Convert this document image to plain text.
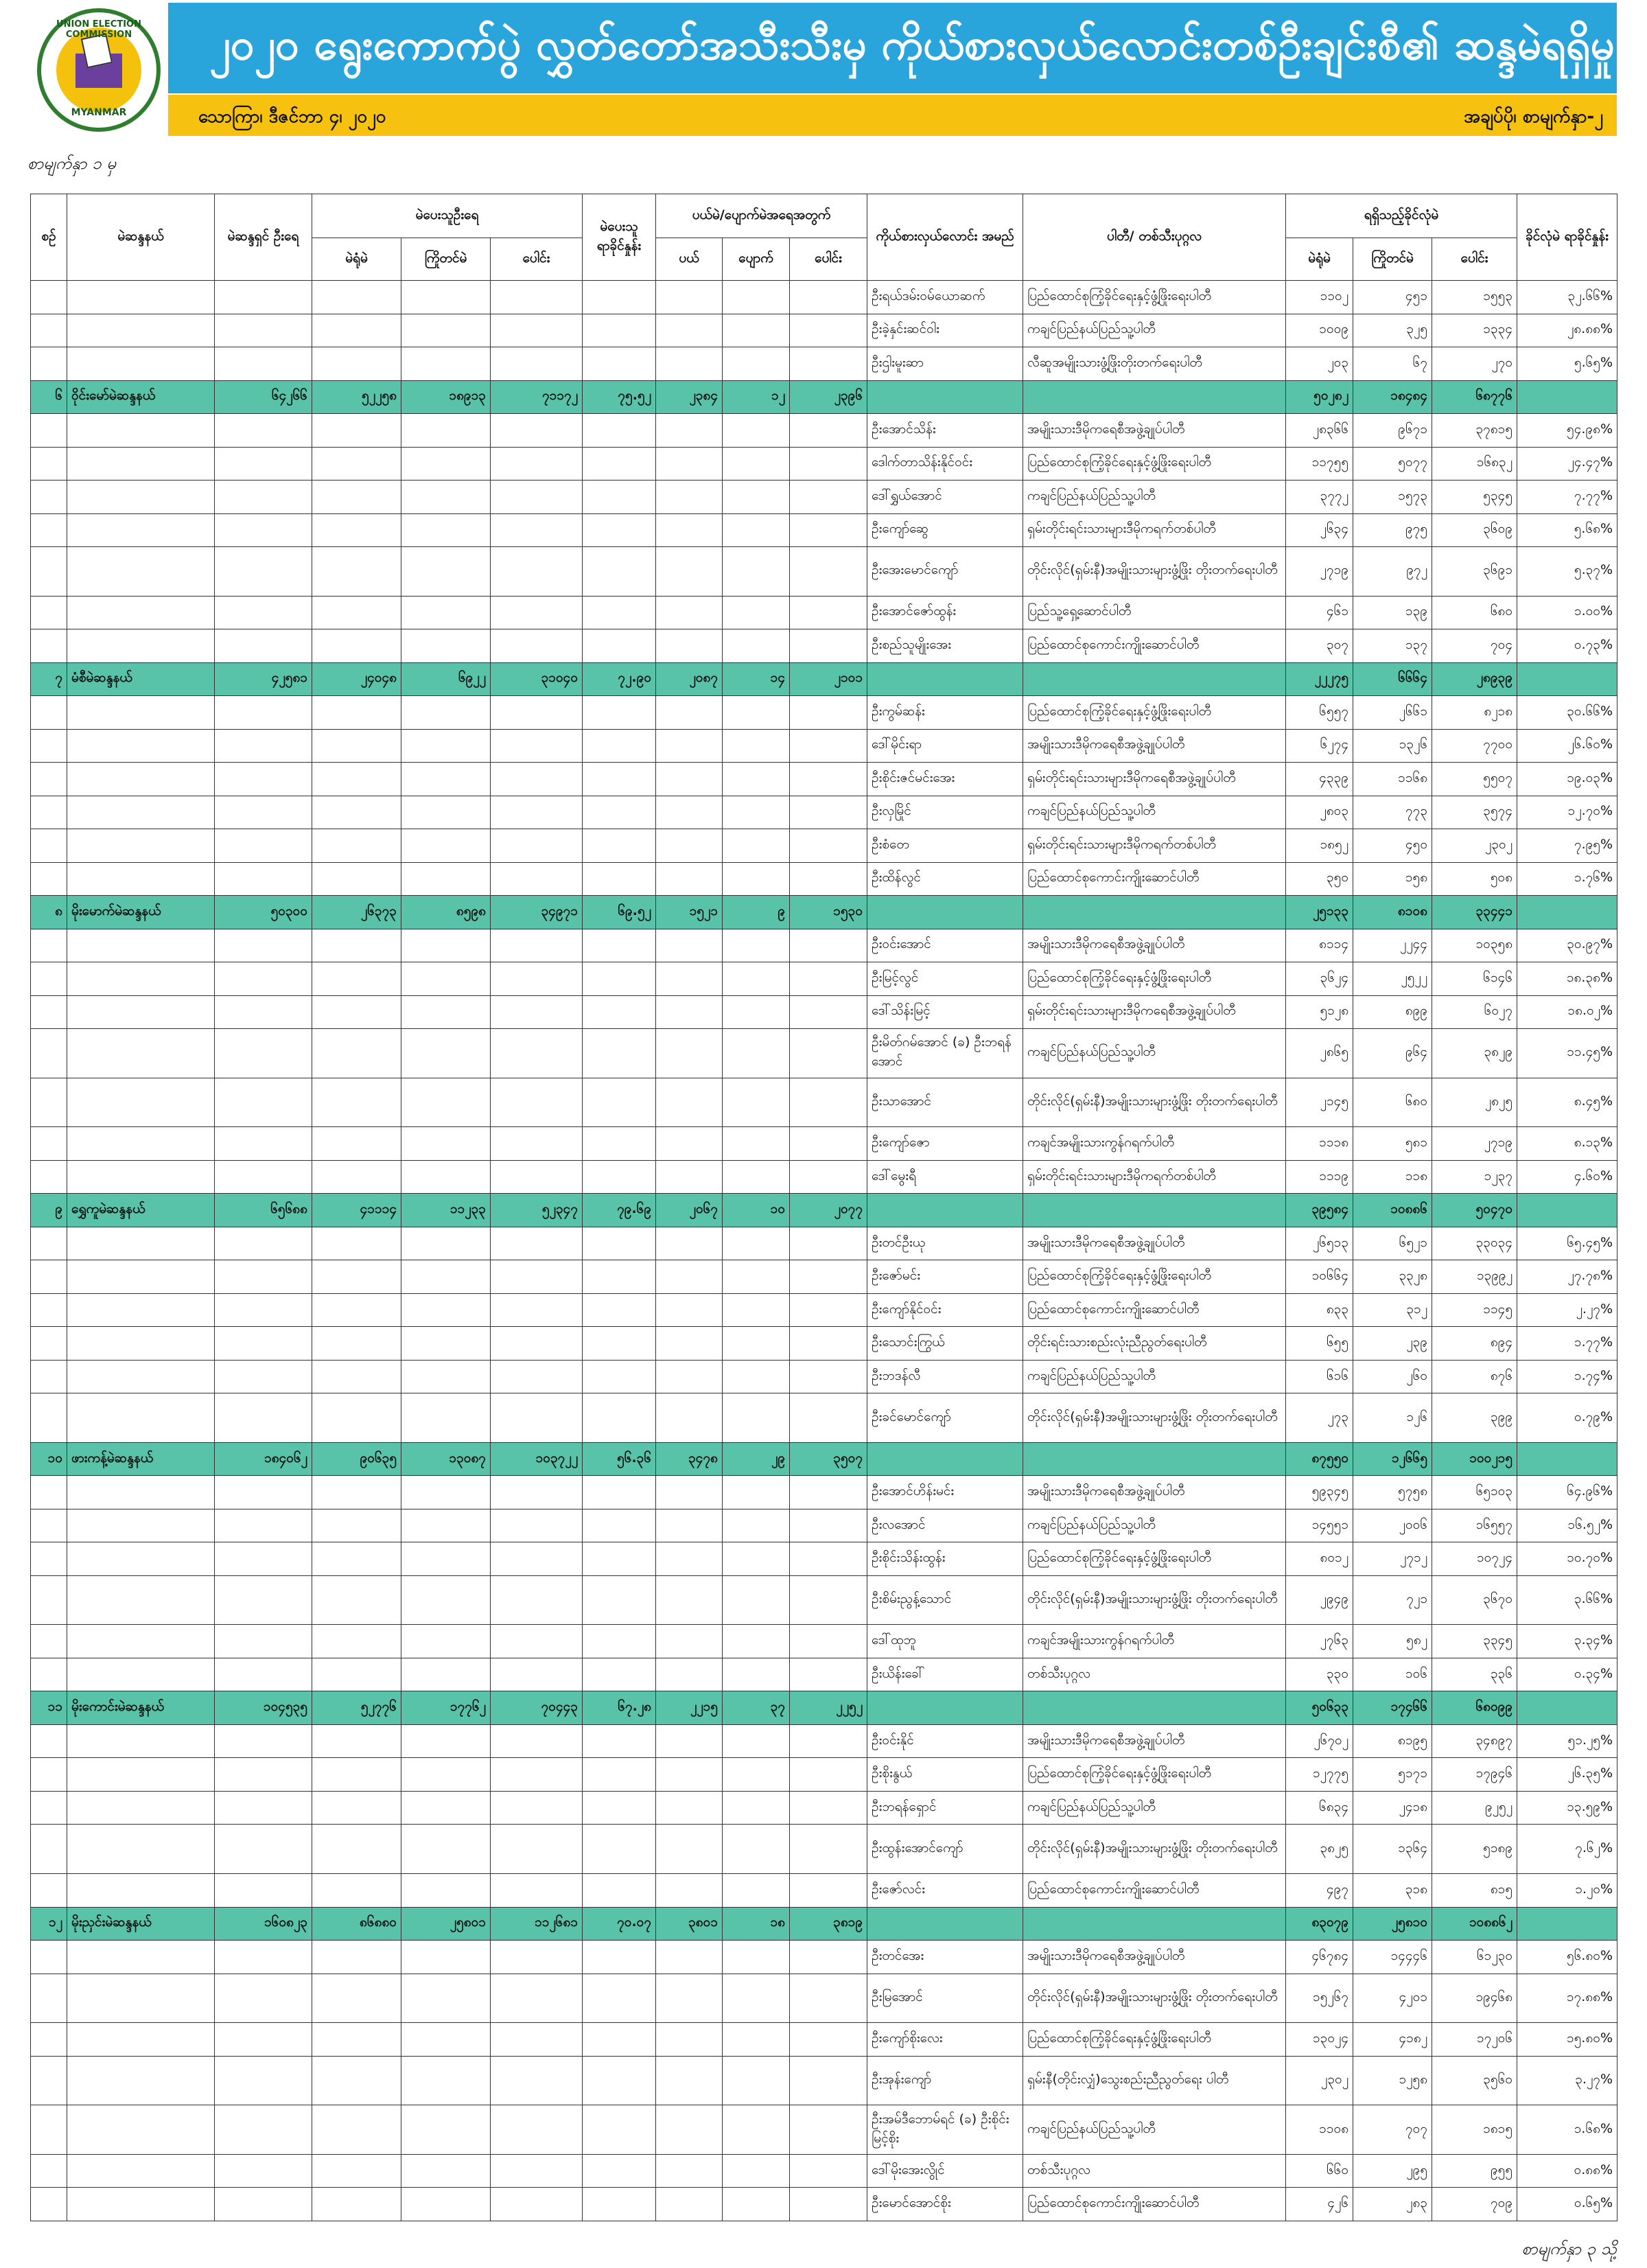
UNION ELECTION COMMISSION
MYANMAR
၂၀၂၀ ရွေးကောက်ပွဲ လွှတ်တော်အသီးသီးမှ ကိုယ်စားလှယ်လောင်းတစ်ဦးချင်းစီ၏ ဆန္ဒမဲရရှိမှု
သောကြာ၊ ဒီဇင်ဘာ ၄၊ ၂၀၂၀	အချပ်ပို၊ စာမျက်နှာ-၂
စာမျက်နှာ ၁ မှ
စဉ်	မဲဆန္ဒနယ်	မဲဆန္ဒရှင် ဦးရေ	မဲပေးသူဦးရေ			မဲပေးသူ ရာခိုင်နှုန်း	ပယ်မဲ/ပျောက်မဲအရေအတွက်			ကိုယ်စားလှယ်လောင်း အမည်	ပါတီ/ တစ်သီးပုဂ္ဂလ	ရရှိသည့်ခိုင်လုံမဲ			ခိုင်လုံမဲ ရာခိုင်နှုန်း
			မဲရုံမဲ	ကြိုတင်မဲ	ပေါင်း		ပယ်	ပျောက်	ပေါင်း			မဲရုံမဲ	ကြိုတင်မဲ	ပေါင်း	
										ဦးရယ်ဒမ်းဝမ်ယောဆက်	ပြည်ထောင်စုကြံ့ခိုင်ရေးနှင့်ဖွံ့ဖြိုးရေးပါတီ	၁၁၀၂	၄၅၁	၁၅၅၃	၃၂.၆၆%
										ဦးခဲ့နှင်းဆင်ဝါး	ကချင်ပြည်နယ်ပြည်သူ့ပါတီ	၁၀၀၉	၃၂၅	၁၃၃၄	၂၈.၈၈%
										ဦးဌါးမူးဆာ	လီဆူအမျိုးသားဖွံ့ဖြိုးတိုးတက်ရေးပါတီ	၂၀၃	၆၇	၂၇၀	၅.၆၅%
၆	ဝိုင်းမော်မဲဆန္ဒနယ်	၆၄၂၆၆	၅၂၂၅၈	၁၈၉၁၃	၇၁၁၇၂	၇၅.၅၂	၂၃၈၄	၁၂	၂၃၉၆			၅၀၂၈၂	၁၈၄၈၄	၆၈၇၇၆	
										ဦးအောင်သိန်း	အမျိုးသားဒီမိုကရေစီအဖွဲ့ချုပ်ပါတီ	၂၈၃၆၆	၉၆၇၁	၃၇၈၁၅	၅၄.၉၈%
										ဒေါက်တာသိန်းနိုင်ဝင်း	ပြည်ထောင်စုကြံ့ခိုင်ရေးနှင့်ဖွံ့ဖြိုးရေးပါတီ	၁၁၇၅၅	၅၀၇၇	၁၆၈၃၂	၂၄.၄၇%
										ဒေါ်ရွှယ်အောင်	ကချင်ပြည်နယ်ပြည်သူ့ပါတီ	၃၇၇၂	၁၅၇၃	၅၃၄၅	၇.၇၇%
										ဦးကျော်ဆွေ	ရှမ်းတိုင်းရင်းသားများဒီမိုကရက်တစ်ပါတီ	၂၆၃၄	၉၇၅	၃၆၀၉	၅.၆၈%
										ဦးအေးမောင်ကျော်	တိုင်းလိုင်(ရှမ်းနီ)အမျိုးသားများဖွံ့ဖြိုး တိုးတက်ရေးပါတီ	၂၇၁၉	၉၇၂	၃၆၉၁	၅.၃၇%
										ဦးအောင်ဇော်ထွန်း	ပြည်သူ့ရှေ့ဆောင်ပါတီ	၄၆၁	၁၃၉	၆၈၀	၁.၀၀%
										ဦးစည်သူမျိုးအေး	ပြည်ထောင်စုကောင်းကျိုးဆောင်ပါတီ	၃၀၇	၁၃၇	၇၀၄	၀.၇၃%
၇	မံစီမဲဆန္ဒနယ်	၄၂၅၈၁	၂၄၀၄၈	၆၉၂၂	၃၁၀၄၀	၇၂.၉၀	၂၀၈၇	၁၄	၂၁၀၁			၂၂၂၇၅	၆၆၆၄	၂၈၉၃၉	
										ဦးကွမ်ဆန်း	ပြည်ထောင်စုကြံ့ခိုင်ရေးနှင့်ဖွံ့ဖြိုးရေးပါတီ	၆၅၅၇	၂၆၆၁	၈၂၁၈	၃၀.၆၆%
										ဒေါ်မိုင်းရာ	အမျိုးသားဒီမိုကရေစီအဖွဲ့ချုပ်ပါတီ	၆၂၇၄	၁၃၂၆	၇၇၀၀	၂၆.၆၀%
										ဦးစိုင်းဇင်မင်းအေး	ရှမ်းတိုင်းရင်းသားများဒီမိုကရေစီအဖွဲ့ချုပ်ပါတီ	၄၃၃၉	၁၁၆၈	၅၅၀၇	၁၉.၀၃%
										ဦးလှမြိုင်	ကချင်ပြည်နယ်ပြည်သူ့ပါတီ	၂၈၀၃	၇၇၃	၃၅၇၄	၁၂.၇၀%
										ဦးစံတေ	ရှမ်းတိုင်းရင်းသားများဒီမိုကရက်တစ်ပါတီ	၁၈၅၂	၄၅၀	၂၃၀၂	၇.၉၅%
										ဦးထိန်လွင်	ပြည်ထောင်စုကောင်းကျိုးဆောင်ပါတီ	၃၅၀	၁၅၈	၅၀၈	၁.၇၆%
၈	မိုးမောက်မဲဆန္ဒနယ်	၅၀၃၀၀	၂၆၃၇၃	၈၅၉၈	၃၄၉၇၁	၆၉.၅၂	၁၅၂၁	၉	၁၅၃၀			၂၅၁၃၃	၈၁၀၈	၃၃၄၄၁	
										ဦးဝင်းအောင်	အမျိုးသားဒီမိုကရေစီအဖွဲ့ချုပ်ပါတီ	၈၁၁၄	၂၂၄၄	၁၀၃၅၈	၃၀.၉၇%
										ဦးမြင့်လွင်	ပြည်ထောင်စုကြံ့ခိုင်ရေးနှင့်ဖွံ့ဖြိုးရေးပါတီ	၃၆၂၄	၂၅၂၂	၆၁၄၆	၁၈.၃၈%
										ဒေါ်သိန်းမြင့်	ရှမ်းတိုင်းရင်းသားများဒီမိုကရေစီအဖွဲ့ချုပ်ပါတီ	၅၁၂၈	၈၉၉	၆၀၂၇	၁၈.၀၂%
										ဦးမိတ်ဂမ်အောင် (ခ) ဦးဘရန်အောင်	ကချင်ပြည်နယ်ပြည်သူ့ပါတီ	၂၈၆၅	၉၆၄	၃၈၂၉	၁၁.၄၅%
										ဦးသာအောင်	တိုင်းလိုင်(ရှမ်းနီ)အမျိုးသားများဖွံ့ဖြိုး တိုးတက်ရေးပါတီ	၂၁၄၅	၆၈၀	၂၈၂၅	၈.၄၅%
										ဦးကျော်ဇော	ကချင်အမျိုးသားကွန်ဂရက်ပါတီ	၁၁၁၈	၅၈၁	၂၇၁၉	၈.၁၃%
										ဒေါ်မွေးရီ	ရှမ်းတိုင်းရင်းသားများဒီမိုကရက်တစ်ပါတီ	၁၁၁၉	၁၁၈	၁၂၃၇	၄.၆၀%
၉	ရွှေကူမဲဆန္ဒနယ်	၆၅၆၈၈	၄၁၁၁၄	၁၁၂၃၃	၅၂၃၄၇	၇၉.၆၉	၂၀၆၇	၁၀	၂၀၇၇			၃၉၅၈၄	၁၀၈၈၆	၅၀၄၇၀	
										ဦးတင်ဦးယု	အမျိုးသားဒီမိုကရေစီအဖွဲ့ချုပ်ပါတီ	၂၆၅၁၃	၆၅၂၁	၃၃၀၃၄	၆၅.၄၅%
										ဦးဇော်မင်း	ပြည်ထောင်စုကြံ့ခိုင်ရေးနှင့်ဖွံ့ဖြိုးရေးပါတီ	၁၀၆၆၄	၃၃၂၈	၁၃၉၉၂	၂၇.၇၈%
										ဦးကျော်နိုင်ဝင်း	ပြည်ထောင်စုကောင်းကျိုးဆောင်ပါတီ	၈၃၃	၃၁၂	၁၁၄၅	၂.၂၇%
										ဦးသောင်းကြွယ်	တိုင်းရင်းသားစည်းလုံးညီညွတ်ရေးပါတီ	၆၅၅	၂၃၉	၈၉၄	၁.၇၇%
										ဦးဘဒန်လီ	ကချင်ပြည်နယ်ပြည်သူ့ပါတီ	၆၁၆	၂၆၀	၈၇၆	၁.၇၄%
										ဦးခင်မောင်ကျော်	တိုင်းလိုင်(ရှမ်းနီ)အမျိုးသားများဖွံ့ဖြိုး တိုးတက်ရေးပါတီ	၂၇၃	၁၂၆	၃၉၉	၀.၇၉%
၁၀	ဖားကန့်မဲဆန္ဒနယ်	၁၈၄၀၆၂	၉၀၆၃၅	၁၃၀၈၇	၁၀၃၇၂၂	၅၆.၃၆	၃၄၇၈	၂၉	၃၅၀၇			၈၇၅၅၀	၁၂၆၆၅	၁၀၀၂၁၅	
										ဦးအောင်ဟိန်းမင်း	အမျိုးသားဒီမိုကရေစီအဖွဲ့ချုပ်ပါတီ	၅၉၃၄၅	၅၇၅၈	၆၅၁၀၃	၆၄.၉၆%
										ဦးလအောင်	ကချင်ပြည်နယ်ပြည်သူ့ပါတီ	၁၄၅၅၁	၂၀၀၆	၁၆၅၅၇	၁၆.၅၂%
										ဦးစိုင်းသိန်းထွန်း	ပြည်ထောင်စုကြံ့ခိုင်ရေးနှင့်ဖွံ့ဖြိုးရေးပါတီ	၈၀၁၂	၂၇၁၂	၁၀၇၂၄	၁၀.၇၀%
										ဦးစိမ်းညွန့်သောင်	တိုင်းလိုင်(ရှမ်းနီ)အမျိုးသားများဖွံ့ဖြိုး တိုးတက်ရေးပါတီ	၂၉၄၉	၇၂၁	၃၆၇၀	၃.၆၆%
										ဒေါ်ထုဘူ	ကချင်အမျိုးသားကွန်ဂရက်ပါတီ	၂၇၆၃	၅၈၂	၃၃၄၅	၃.၃၄%
										ဦးယိန်းခေါ်	တစ်သီးပုဂ္ဂလ	၃၃၀	၁၀၆	၃၃၆	၀.၃၄%
၁၁	မိုးကောင်းမဲဆန္ဒနယ်	၁၀၄၅၃၅	၅၂၇၇၆	၁၇၇၆၂	၇၀၄၄၃	၆၇.၂၈	၂၂၁၅	၃၇	၂၂၅၂			၅၀၆၃၃	၁၇၄၆၆	၆၈၀၉၉	
										ဦးဝင်းနိုင်	အမျိုးသားဒီမိုကရေစီအဖွဲ့ချုပ်ပါတီ	၂၆၇၀၂	၈၁၉၅	၃၄၈၉၇	၅၁.၂၅%
										ဦးစိုးနွယ်	ပြည်ထောင်စုကြံ့ခိုင်ရေးနှင့်ဖွံ့ဖြိုးရေးပါတီ	၁၂၇၇၅	၅၁၇၁	၁၇၉၄၆	၂၆.၃၅%
										ဦးဘရန်ရှောင်	ကချင်ပြည်နယ်ပြည်သူ့ပါတီ	၆၈၃၄	၂၄၁၈	၉၂၅၂	၁၃.၅၉%
										ဦးထွန်းအောင်ကျော်	တိုင်းလိုင်(ရှမ်းနီ)အမျိုးသားများဖွံ့ဖြိုး တိုးတက်ရေးပါတီ	၃၈၂၅	၁၃၆၄	၅၁၈၉	၇.၆၂%
										ဦးဇော်လင်း	ပြည်ထောင်စုကောင်းကျိုးဆောင်ပါတီ	၄၉၇	၃၁၈	၈၁၅	၁.၂၀%
၁၂	မိုးညှင်းမဲဆန္ဒနယ်	၁၆၀၈၂၃	၈၆၈၈၀	၂၅၈၀၁	၁၁၂၆၈၁	၇၀.၀၇	၃၈၀၁	၁၈	၃၈၁၉			၈၃၀၇၉	၂၅၈၁၀	၁၀၈၈၆၂	
										ဦးတင်အေး	အမျိုးသားဒီမိုကရေစီအဖွဲ့ချုပ်ပါတီ	၄၆၇၈၄	၁၄၄၄၆	၆၁၂၃၀	၅၆.၈၀%
										ဦးမြအောင်	တိုင်းလိုင်(ရှမ်းနီ)အမျိုးသားများဖွံ့ဖြိုး တိုးတက်ရေးပါတီ	၁၅၂၆၇	၄၂၀၁	၁၉၄၆၈	၁၇.၈၈%
										ဦးကျော်စိုးလေး	ပြည်ထောင်စုကြံ့ခိုင်ရေးနှင့်ဖွံ့ဖြိုးရေးပါတီ	၁၃၀၂၄	၄၁၈၂	၁၇၂၀၆	၁၅.၈၀%
										ဦးအုန်းကျော်	ရှမ်းနီ(တိုင်းလျှံ)သွေးစည်းညီညွတ်ရေး ပါတီ	၂၃၀၂	၁၂၅၈	၃၅၆၀	၃.၂၇%
										ဦးအမ်ဒီဘောမ်ရင် (ခ) ဦးစိုင်းမြင့်စိုး	ကချင်ပြည်နယ်ပြည်သူ့ပါတီ	၁၁၀၈	၇၀၇	၁၈၁၅	၁.၆၈%
										ဒေါ်မိုးအေးလွိုင်	တစ်သီးပုဂ္ဂလ	၆၆၀	၂၉၅	၉၅၅	၀.၈၈%
										ဦးမောင်အောင်စိုး	ပြည်ထောင်စုကောင်းကျိုးဆောင်ပါတီ	၄၂၆	၂၈၃	၇၀၉	၀.၆၅%
စာမျက်နှာ ၃ သို့
